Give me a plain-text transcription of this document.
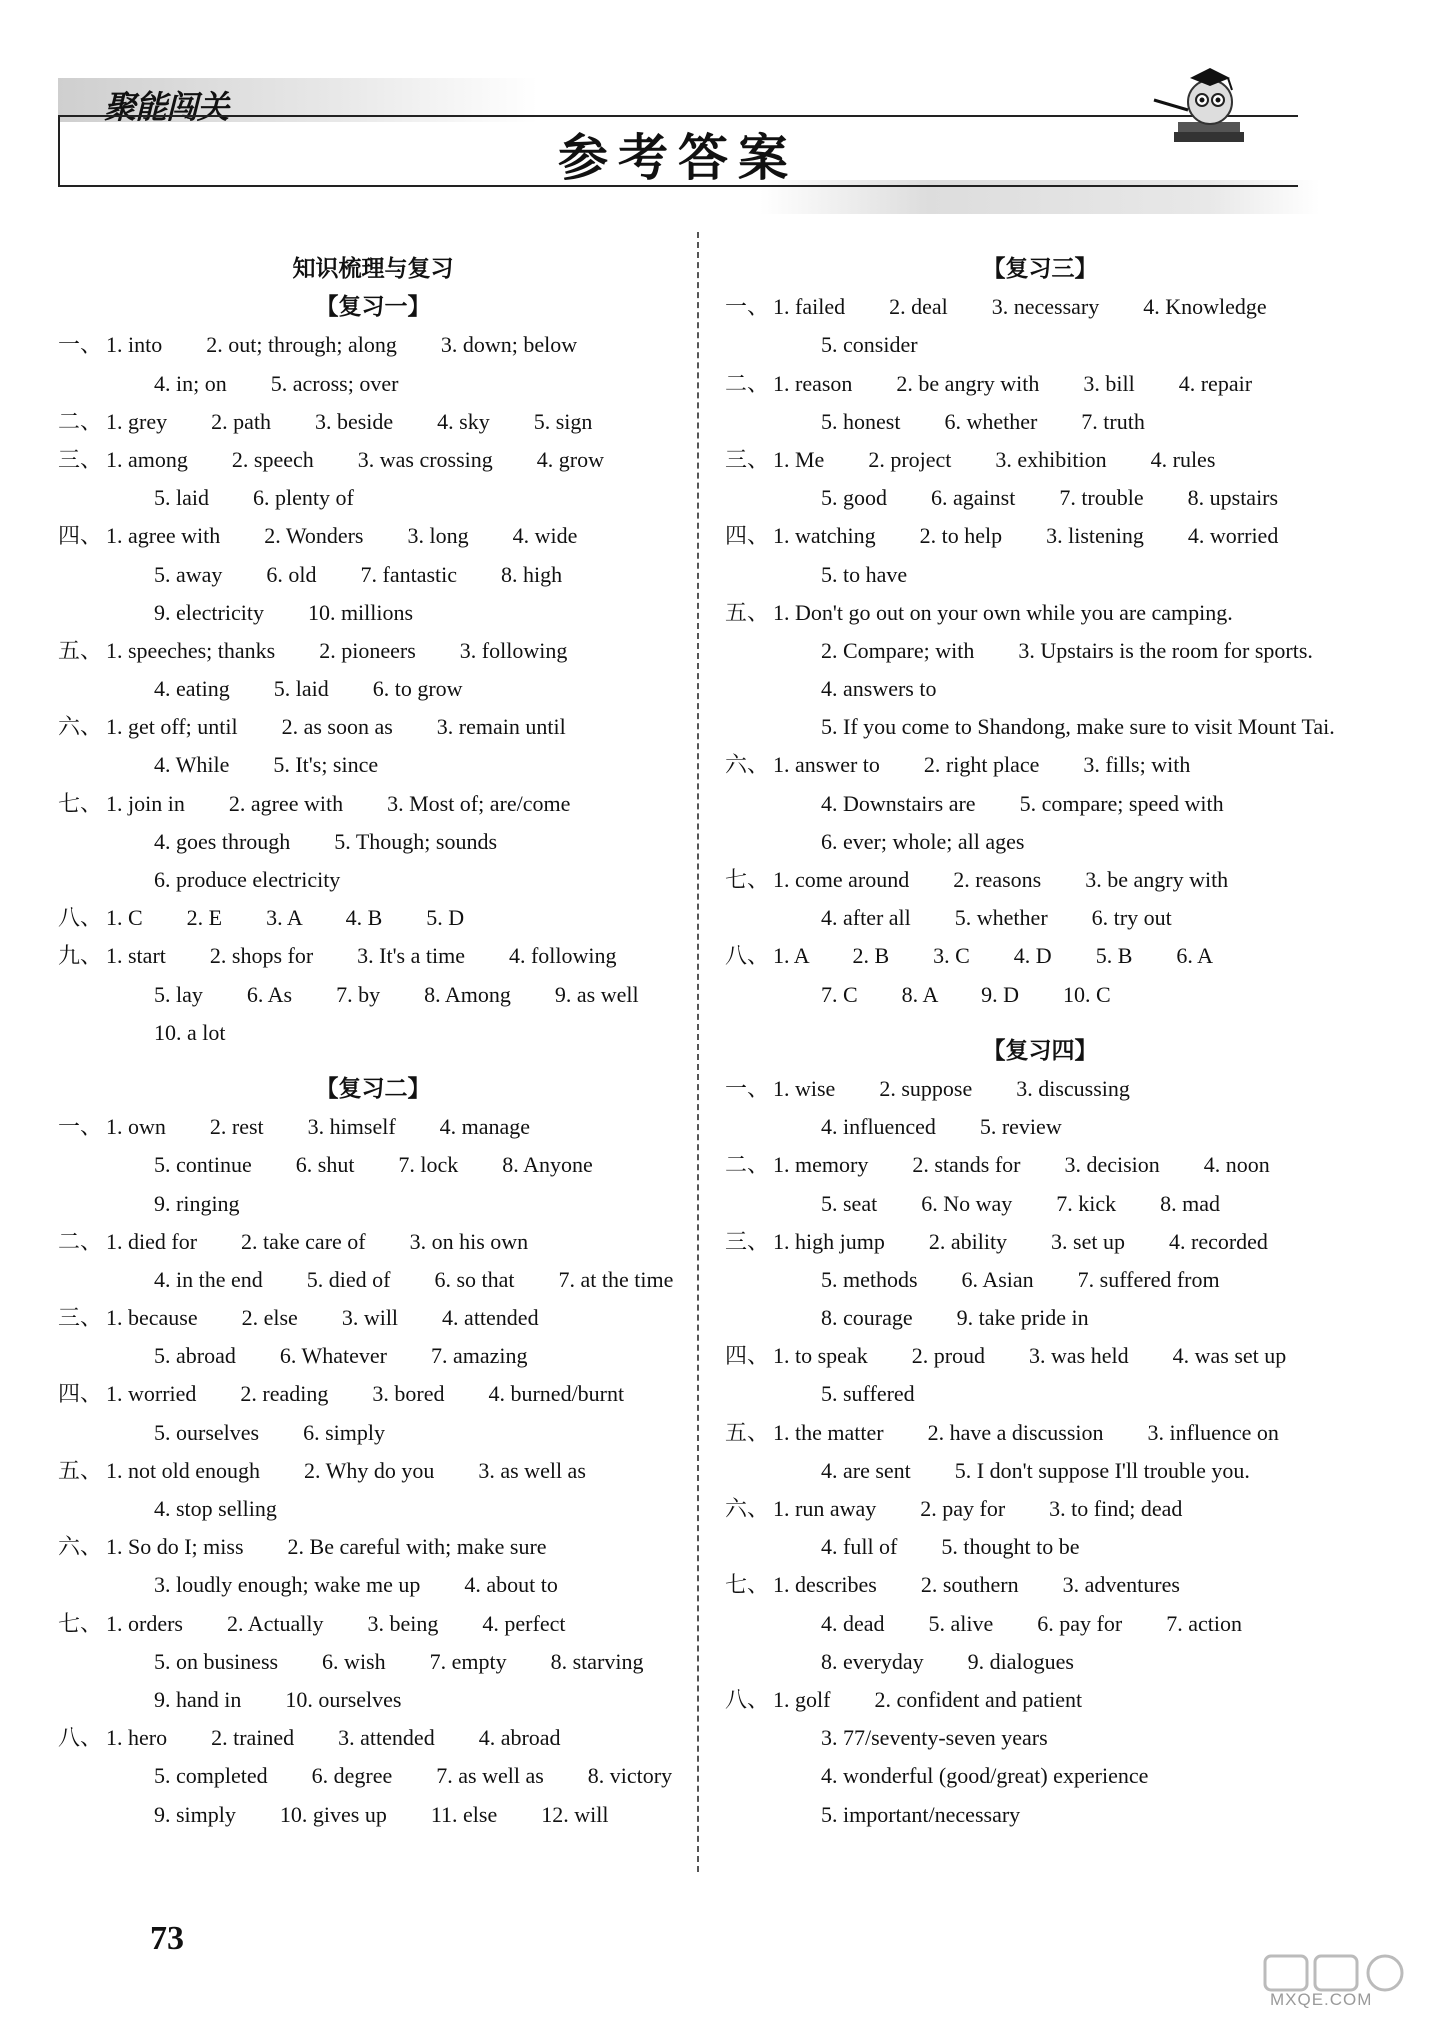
聚能闯关
参考答案
知识梳理与复习
【复习一】
一、 1. into　　2. out; through; along　　3. down; below
4. in; on　　5. across; over
二、 1. grey　　2. path　　3. beside　　4. sky　　5. sign
三、 1. among　　2. speech　　3. was crossing　　4. grow
5. laid　　6. plenty of
四、 1. agree with　　2. Wonders　　3. long　　4. wide
5. away　　6. old　　7. fantastic　　8. high
9. electricity　　10. millions
五、 1. speeches; thanks　　2. pioneers　　3. following
4. eating　　5. laid　　6. to grow
六、 1. get off; until　　2. as soon as　　3. remain until
4. While　　5. It's; since
七、 1. join in　　2. agree with　　3. Most of; are/come
4. goes through　　5. Though; sounds
6. produce electricity
八、 1. C　　2. E　　3. A　　4. B　　5. D
九、 1. start　　2. shops for　　3. It's a time　　4. following
5. lay　　6. As　　7. by　　8. Among　　9. as well
10. a lot
【复习二】
一、 1. own　　2. rest　　3. himself　　4. manage
5. continue　　6. shut　　7. lock　　8. Anyone
9. ringing
二、 1. died for　　2. take care of　　3. on his own
4. in the end　　5. died of　　6. so that　　7. at the time
三、 1. because　　2. else　　3. will　　4. attended
5. abroad　　6. Whatever　　7. amazing
四、 1. worried　　2. reading　　3. bored　　4. burned/burnt
5. ourselves　　6. simply
五、 1. not old enough　　2. Why do you　　3. as well as
4. stop selling
六、 1. So do I; miss　　2. Be careful with; make sure
3. loudly enough; wake me up　　4. about to
七、 1. orders　　2. Actually　　3. being　　4. perfect
5. on business　　6. wish　　7. empty　　8. starving
9. hand in　　10. ourselves
八、 1. hero　　2. trained　　3. attended　　4. abroad
5. completed　　6. degree　　7. as well as　　8. victory
9. simply　　10. gives up　　11. else　　12. will
【复习三】
一、 1. failed　　2. deal　　3. necessary　　4. Knowledge
5. consider
二、 1. reason　　2. be angry with　　3. bill　　4. repair
5. honest　　6. whether　　7. truth
三、 1. Me　　2. project　　3. exhibition　　4. rules
5. good　　6. against　　7. trouble　　8. upstairs
四、 1. watching　　2. to help　　3. listening　　4. worried
5. to have
五、 1. Don't go out on your own while you are camping.
2. Compare; with　　3. Upstairs is the room for sports.
4. answers to
5. If you come to Shandong, make sure to visit Mount Tai.
六、 1. answer to　　2. right place　　3. fills; with
4. Downstairs are　　5. compare; speed with
6. ever; whole; all ages
七、 1. come around　　2. reasons　　3. be angry with
4. after all　　5. whether　　6. try out
八、 1. A　　2. B　　3. C　　4. D　　5. B　　6. A
7. C　　8. A　　9. D　　10. C
【复习四】
一、 1. wise　　2. suppose　　3. discussing
4. influenced　　5. review
二、 1. memory　　2. stands for　　3. decision　　4. noon
5. seat　　6. No way　　7. kick　　8. mad
三、 1. high jump　　2. ability　　3. set up　　4. recorded
5. methods　　6. Asian　　7. suffered from
8. courage　　9. take pride in
四、 1. to speak　　2. proud　　3. was held　　4. was set up
5. suffered
五、 1. the matter　　2. have a discussion　　3. influence on
4. are sent　　5. I don't suppose I'll trouble you.
六、 1. run away　　2. pay for　　3. to find; dead
4. full of　　5. thought to be
七、 1. describes　　2. southern　　3. adventures
4. dead　　5. alive　　6. pay for　　7. action
8. everyday　　9. dialogues
八、 1. golf　　2. confident and patient
3. 77/seventy-seven years
4. wonderful (good/great) experience
5. important/necessary
73
MXQE.COM
